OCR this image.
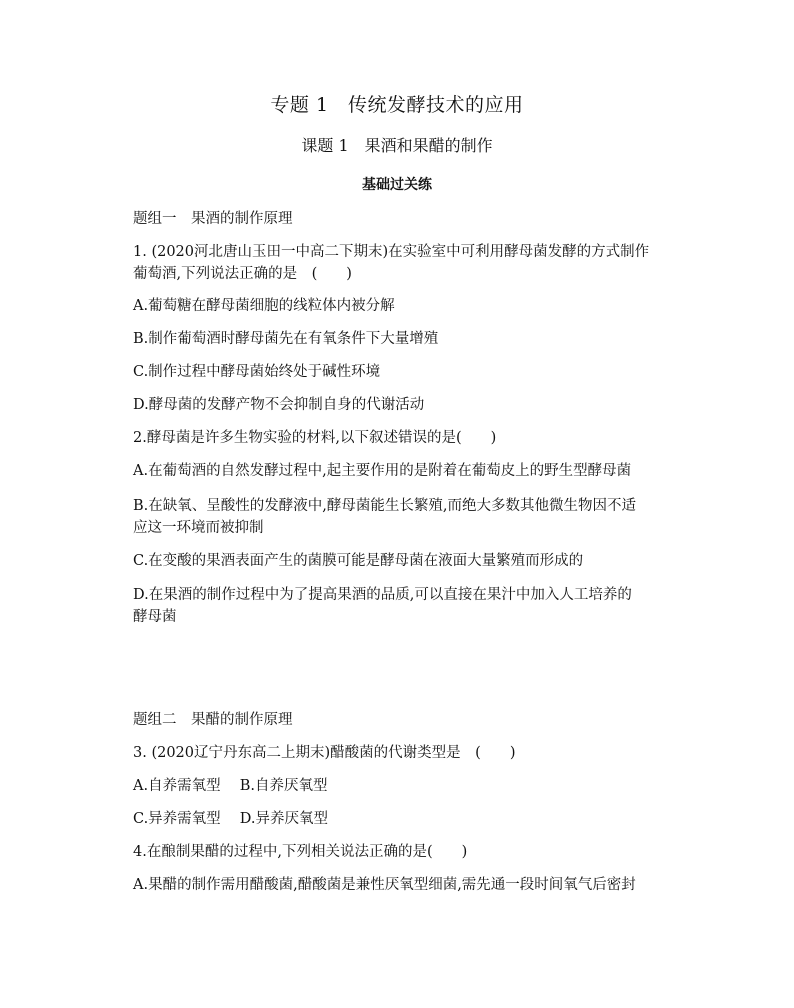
专题 1　传统发酵技术的应用
课题 1　果酒和果醋的制作
基础过关练
题组一　果酒的制作原理
1. (2020河北唐山玉田一中高二下期末)在实验室中可利用酵母菌发酵的方式制作
葡萄酒,下列说法正确的是　(　　)
A.葡萄糖在酵母菌细胞的线粒体内被分解
B.制作葡萄酒时酵母菌先在有氧条件下大量增殖
C.制作过程中酵母菌始终处于碱性环境
D.酵母菌的发酵产物不会抑制自身的代谢活动
2.酵母菌是许多生物实验的材料,以下叙述错误的是(　　)
A.在葡萄酒的自然发酵过程中,起主要作用的是附着在葡萄皮上的野生型酵母菌
B.在缺氧、呈酸性的发酵液中,酵母菌能生长繁殖,而绝大多数其他微生物因不适
应这一环境而被抑制
C.在变酸的果酒表面产生的菌膜可能是酵母菌在液面大量繁殖而形成的
D.在果酒的制作过程中为了提高果酒的品质,可以直接在果汁中加入人工培养的
酵母菌
题组二　果醋的制作原理
3. (2020辽宁丹东高二上期末)醋酸菌的代谢类型是　(　　)
A.自养需氧型　 B.自养厌氧型
C.异养需氧型　 D.异养厌氧型
4.在酿制果醋的过程中,下列相关说法正确的是(　　)
A.果醋的制作需用醋酸菌,醋酸菌是兼性厌氧型细菌,需先通一段时间氧气后密封
